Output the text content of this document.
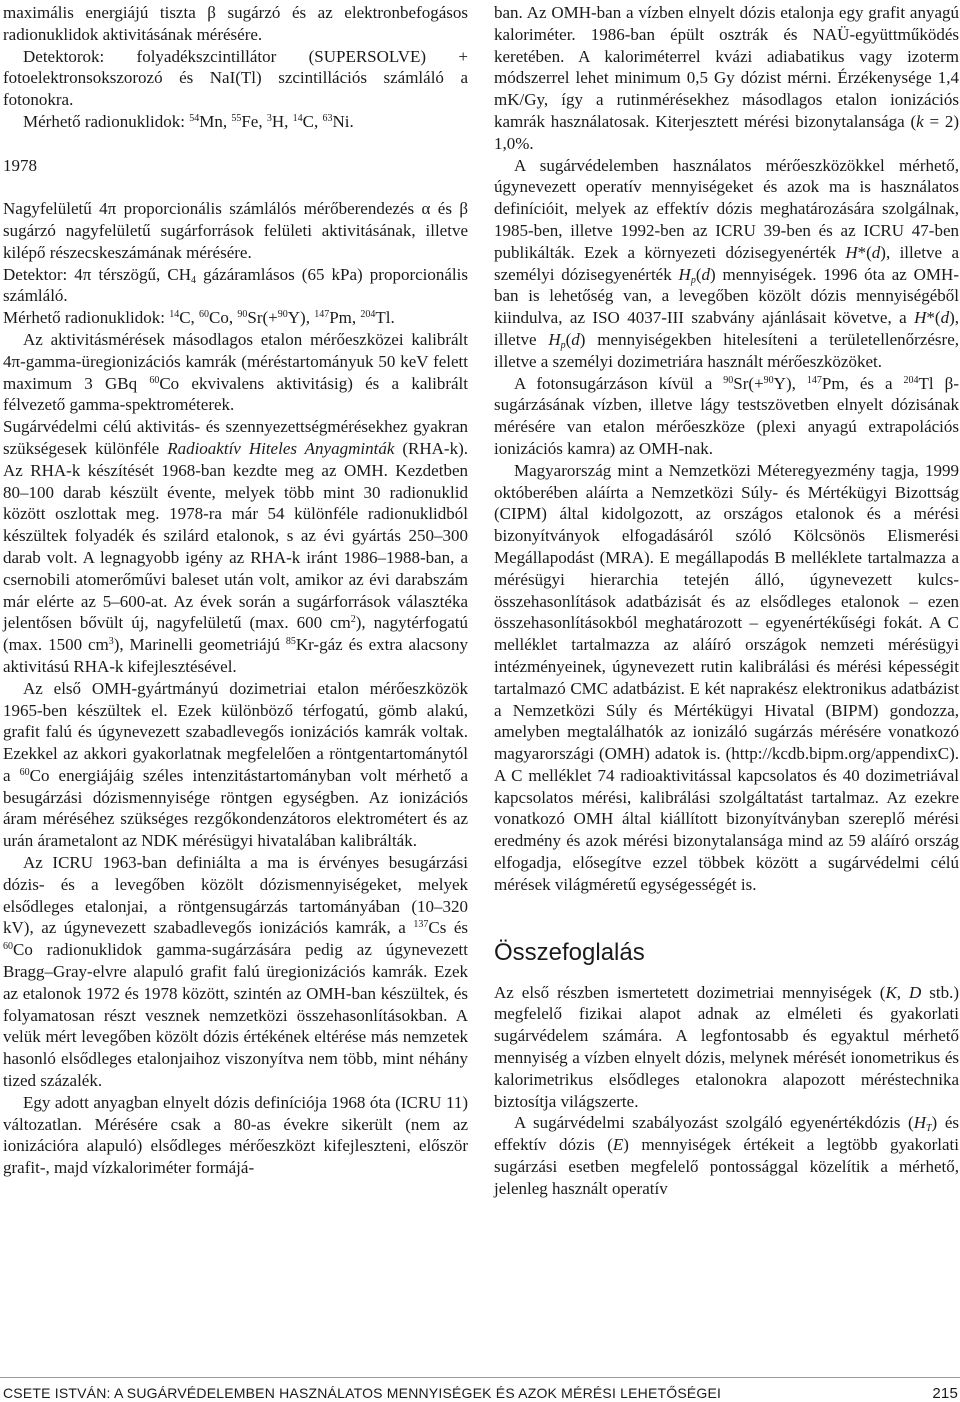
maximális energiájú tiszta β sugárzó és az elektronbefogásos radionuklidok aktivitásának mérésére.

Detektorok: folyadékszcintillátor (SUPERSOLVE) + fotoelektronsokszorozó és NaI(Tl) szcintillációs számláló a fotonokra.

Mérhető radionuklidok: $^{54}$Mn, $^{55}$Fe, $^3$H, $^{14}$C, $^{63}$Ni.

1978

Nagyfelületű 4π proporcionális számlálós mérőberendezés α és β sugárzó nagyfelületű sugárforrások felületi aktivitásának, illetve kilépő részecskeszámának mérésére.

Detektor: 4π térszögű, $CH_4$ gázáramlásos (65 kPa) proporcionális számláló.

Mérhető radionuklidok: $^{14}$C, $^{60}$Co, $^{90}$Sr(+$^{90}$Y), $^{147}$Pm, $^{204}$Tl.

Az aktivitásmérések másodlagos etalon mérőeszközei kalibrált 4π-gamma-üregionizációs kamrák (méréstartományuk 50 keV felett maximum 3 GBq $^{60}$Co ekvivalens aktivitásig) és a kalibrált félvezető gamma-spektrométerek.

Sugárvédelmi célú aktivitás- és szennyezettségmérésekhez gyakran szükségesek különféle Radioaktív Hiteles Anyagminták (RHA-k). Az RHA-k készítését 1968-ban kezdte meg az OMH. Kezdetben 80–100 darab készült évente, melyek több mint 30 radionuklid között oszlottak meg. 1978-ra már 54 különféle radionuklidból készültek folyadék és szilárd etalonok, s az évi gyártás 250–300 darab volt. A legnagyobb igény az RHA-k iránt 1986–1988-ban, a csernobili atomerőművi baleset után volt, amikor az évi darabszám már elérte az 5–600-at. Az évek során a sugárforrások választéka jelentősen bővült új, nagyfelületű (max. 600 $cm^2$), nagytérfogatú (max. 1500 $cm^3$), Marinelli geometriájú $^{85}$Kr-gáz és extra alacsony aktivitású RHA-k kifejlesztésével.

Az első OMH-gyártmányú dozimetriai etalon mérőeszközök 1965-ben készültek el. Ezek különböző térfogatú, gömb alakú, grafit falú és úgynevezett szabadlevegős ionizációs kamrák voltak. Ezekkel az akkori gyakorlatnak megfelelően a röntgentartománytól a $^{60}$Co energiájáig széles intenzitástartományban volt mérhető a besugárzási dózismennyisége röntgen egységben. Az ionizációs áram méréséhez szükséges rezgőkondenzátoros elektrométert és az urán árametalont az NDK mérésügyi hivatalában kalibrálták.

Az ICRU 1963-ban definiálta a ma is érvényes besugárzási dózis- és a levegőben közölt dózismennyiségeket, melyek elsődleges etalonjai, a röntgensugárzás tartományában (10–320 kV), az úgynevezett szabadlevegős ionizációs kamrák, a $^{137}$Cs és $^{60}$Co radionuklidok gamma-sugárzására pedig az úgynevezett Bragg–Gray-elvre alapuló grafit falú üregionizációs kamrák. Ezek az etalonok 1972 és 1978 között, szintén az OMH-ban készültek, és folyamatosan részt vesznek nemzetközi összehasonlításokban. A velük mért levegőben közölt dózis értékének eltérése más nemzetek hasonló elsődleges etalonjaihoz viszonyítva nem több, mint néhány tized százalék.

Egy adott anyagban elnyelt dózis definíciója 1968 óta (ICRU 11) változatlan. Mérésére csak a 80-as évekre sikerült (nem az ionizációra alapuló) elsődleges mérőeszközt kifejleszteni, először grafit-, majd vízkaloriméter formájá-

ban. Az OMH-ban a vízben elnyelt dózis etalonja egy grafit anyagú kaloriméter. 1986-ban épült osztrák és NAÜ-együttműködés keretében. A kaloriméterrel kvázi adiabatikus vagy izoterm módszerrel lehet minimum 0,5 Gy dózist mérni. Érzékenysége 1,4 mK/Gy, így a rutinmérésekhez másodlagos etalon ionizációs kamrák használatosak. Kiterjesztett mérési bizonytalansága (k = 2) 1,0%.

A sugárvédelemben használatos mérőeszközökkel mérhető, úgynevezett operatív mennyiségeket és azok ma is használatos definícióit, melyek az effektív dózis meghatározására szolgálnak, 1985-ben, illetve 1992-ben az ICRU 39-ben és az ICRU 47-ben publikálták. Ezek a környezeti dózisegyenérték H*(d), illetve a személyi dózisegyenérték $H_p(d)$ mennyiségek. 1996 óta az OMH-ban is lehetőség van, a levegőben közölt dózis mennyiségéből kiindulva, az ISO 4037-III szabvány ajánlásait követve, a H*(d), illetve $H_p(d)$ mennyiségekben hitelesíteni a területellenőrzésre, illetve a személyi dozimetriára használt mérőeszközöket.

A fotonsugárzáson kívül a $^{90}$Sr(+$^{90}$Y), $^{147}$Pm, és a $^{204}$Tl β-sugárzásának vízben, illetve lágy testszövetben elnyelt dózisának mérésére van etalon mérőeszköze (plexi anyagú extrapolációs ionizációs kamra) az OMH-nak.

Magyarország mint a Nemzetközi Méteregyezmény tagja, 1999 októberében aláírta a Nemzetközi Súly- és Mértékügyi Bizottság (CIPM) által kidolgozott, az országos etalonok és a mérési bizonyítványok elfogadásáról szóló Kölcsönös Elismerési Megállapodást (MRA). E megállapodás B melléklete tartalmazza a mérésügyi hierarchia tetején álló, úgynevezett kulcs-összehasonlítások adatbázisát és az elsődleges etalonok – ezen összehasonlításokból meghatározott – egyenértékűségi fokát. A C melléklet tartalmazza az aláíró országok nemzeti mérésügyi intézményeinek, úgynevezett rutin kalibrálási és mérési képességit tartalmazó CMC adatbázist. E két naprakész elektronikus adatbázist a Nemzetközi Súly és Mértékügyi Hivatal (BIPM) gondozza, amelyben megtalálhatók az ionizáló sugárzás mérésére vonatkozó magyarországi (OMH) adatok is. (http://kcdb.bipm.org/appendixC). A C melléklet 74 radioaktivitással kapcsolatos és 40 dozimetriával kapcsolatos mérési, kalibrálási szolgáltatást tartalmaz. Az ezekre vonatkozó OMH által kiállított bizonyítványban szereplő mérési eredmény és azok mérési bizonytalansága mind az 59 aláíró ország elfogadja, elősegítve ezzel többek között a sugárvédelmi célú mérések világméretű egységességét is.

Összefoglalás

Az első részben ismertetett dozimetriai mennyiségek (K, D stb.) megfelelő fizikai alapot adnak az elméleti és gyakorlati sugárvédelem számára. A legfontosabb és egyaktul mérhető mennyiség a vízben elnyelt dózis, melynek mérését ionometrikus és kalorimetrikus elsődleges etalonokra alapozott méréstechnika biztosítja világszerte.

A sugárvédelmi szabályozást szolgáló egyenértékdózis $(H_T)$ és effektív dózis (E) mennyiségek értékeit a legtöbb gyakorlati sugárzási esetben megfelelő pontossággal közelítik a mérhető, jelenleg használt operatív

CSETE ISTVÁN: A SUGÁRVÉDELEMBEN HASZNÁLATOS MENNYISÉGEK ÉS AZOK MÉRÉSI LEHETŐSÉGEI	215
